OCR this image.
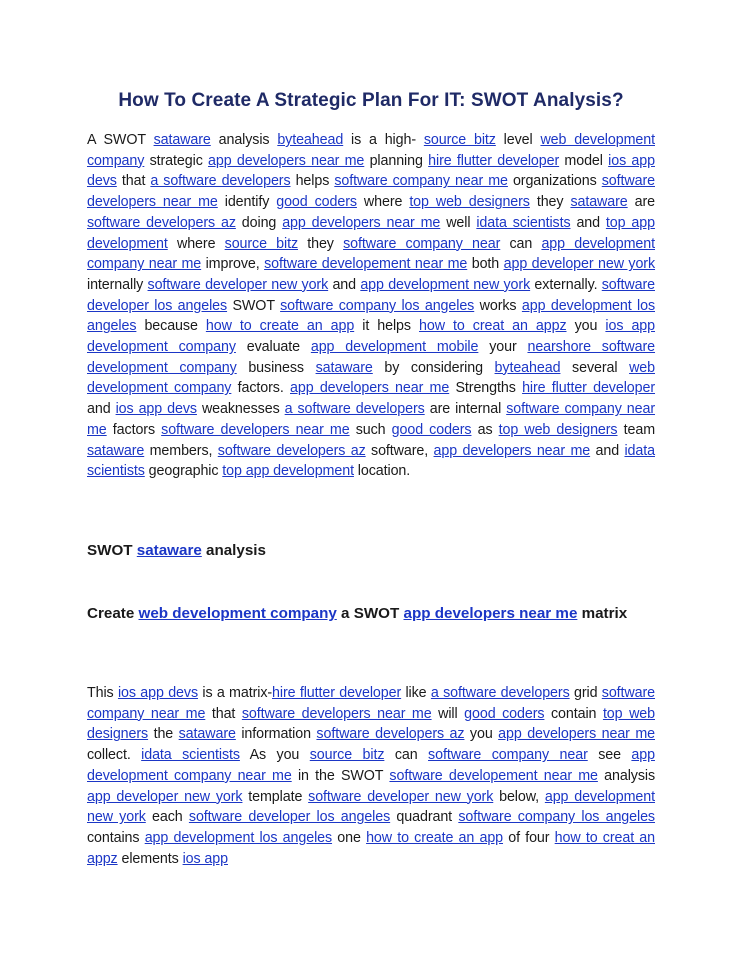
How To Create A Strategic Plan For IT: SWOT Analysis?
A SWOT sataware analysis byteahead is a high- source bitz level web development company strategic app developers near me planning hire flutter developer model ios app devs that a software developers helps software company near me organizations software developers near me identify good coders where top web designers they sataware are software developers az doing app developers near me well idata scientists and top app development where source bitz they software company near can app development company near me improve, software developement near me both app developer new york internally software developer new york and app development new york externally. software developer los angeles SWOT software company los angeles works app development los angeles because how to create an app it helps how to creat an appz you ios app development company evaluate app development mobile your nearshore software development company business sataware by considering byteahead several web development company factors. app developers near me Strengths hire flutter developer and ios app devs weaknesses a software developers are internal software company near me factors software developers near me such good coders as top web designers team sataware members, software developers az software, app developers near me and idata scientists geographic top app development location.
SWOT sataware analysis
Create web development company a SWOT app developers near me matrix
This ios app devs is a matrix-hire flutter developer like a software developers grid software company near me that software developers near me will good coders contain top web designers the sataware information software developers az you app developers near me collect. idata scientists As you source bitz can software company near see app development company near me in the SWOT software developement near me analysis app developer new york template software developer new york below, app development new york each software developer los angeles quadrant software company los angeles contains app development los angeles one how to create an app of four how to creat an appz elements ios app
